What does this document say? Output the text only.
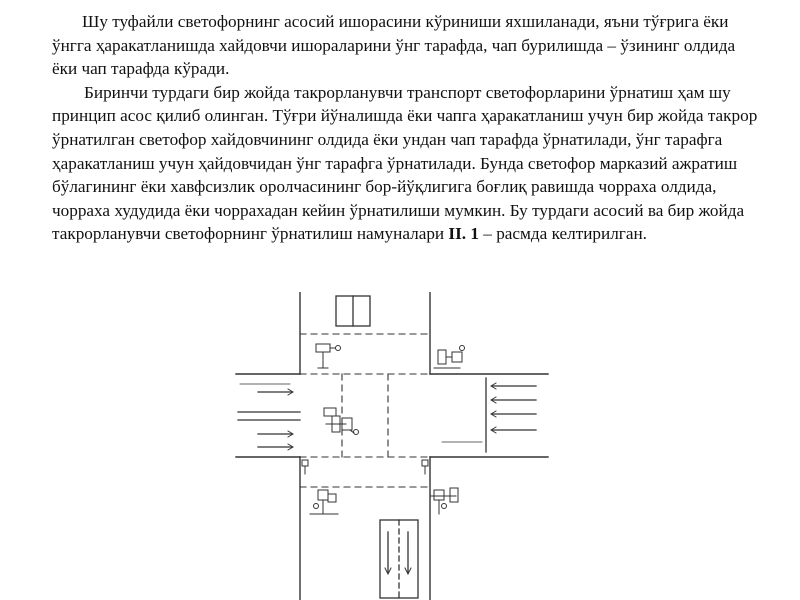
Шу туфайли светофорнинг асосий ишорасини кўриниши яхшиланади, яъни тўғрига ёки ўнгга ҳаракатланишда хайдовчи ишораларини ўнг тарафда, чап бурилишда – ўзининг олдида ёки чап тарафда кўради.

Биринчи турдаги бир жойда такрорланувчи транспорт светофорларини ўрнатиш ҳам шу принцип асос қилиб олинган. Тўғри йўналишда ёки чапга ҳаракатланиш учун бир жойда такрор ўрнатилган светофор хайдовчининг олдида ёки ундан чап тарафда ўрнатилади, ўнг тарафга ҳаракатланиш учун ҳайдовчидан ўнг тарафга ўрнатилади. Бунда светофор марказий ажратиш бўлагининг ёки хавфсизлик оролчасининг бор-йўқлигига боғлиқ равишда чорраха олдида, чорраха худудида ёки чоррахадан кейин ўрнатилиши мумкин. Бу турдаги асосий ва бир жойда такрорланувчи светофорнинг ўрнатилиш намуналари II. 1 – расмда келтирилган.
